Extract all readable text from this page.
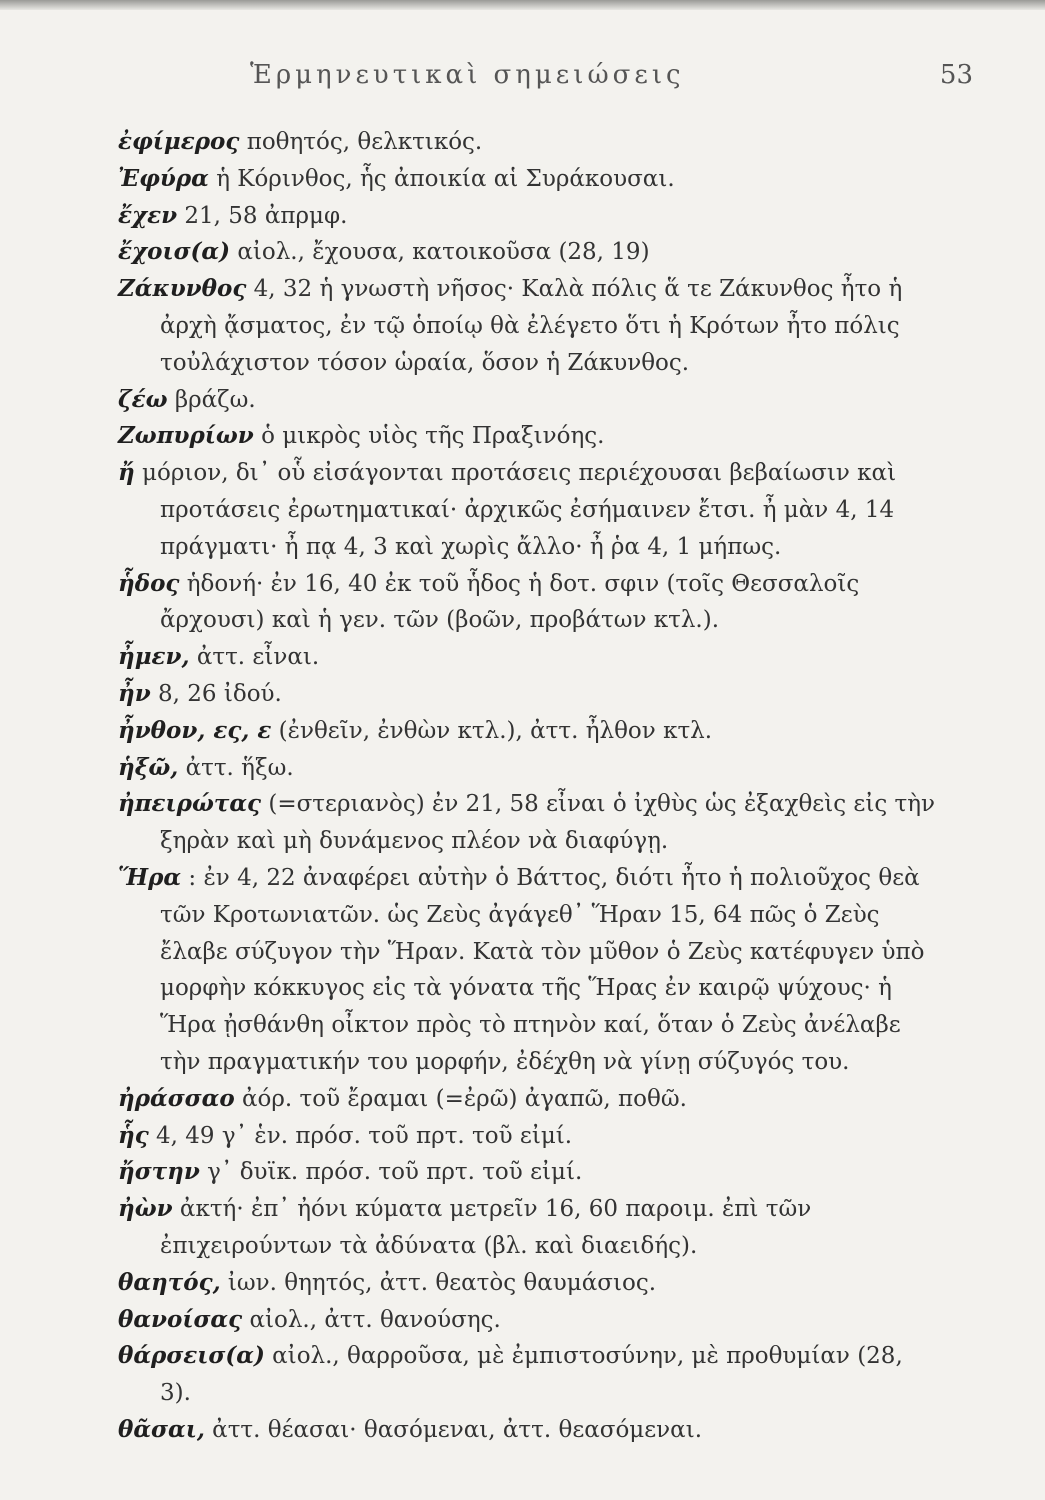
Ἑρμηνευτικαὶ σημειώσεις	53

ἐφίμερος ποθητός, θελκτικός.

Ἐφύρα ἡ Κόρινθος, ἧς ἀποικία αἱ Συράκουσαι.

ἔχεν 21, 58 ἀπρμφ.

ἔχοισ(α) αἰολ., ἔχουσα, κατοικοῦσα (28, 19)

Ζάκυνθος 4, 32 ἡ γνωστὴ νῆσος· Καλὰ πόλις ἅ τε Ζάκυνθος ἦτο ἡ ἀρχὴ ᾄσματος, ἐν τῷ ὁποίῳ θὰ ἐλέγετο ὅτι ἡ Κρότων ἦτο πόλις τοὐλάχιστον τόσον ὡραία, ὅσον ἡ Ζάκυνθος.

ζέω βράζω.

Ζωπυρίων ὁ μικρὸς υἱὸς τῆς Πραξινόης.

ἤ μόριον, δι᾽ οὗ εἰσάγονται προτάσεις περιέχουσαι βεβαίωσιν καὶ προτάσεις ἐρωτηματικαί· ἀρχικῶς ἐσήμαινεν ἔτσι. ἦ μὰν 4, 14 πράγματι· ἦ πᾳ 4, 3 καὶ χωρὶς ἄλλο· ἦ ῥα 4, 1 μήπως.

ἧδος ἡδονή· ἐν 16, 40 ἐκ τοῦ ἧδος ἡ δοτ. σφιν (τοῖς Θεσσαλοῖς ἄρχουσι) καὶ ἡ γεν. τῶν (βοῶν, προβάτων κτλ.).

ἦμεν, ἀττ. εἶναι.

ἦν 8, 26 ἰδού.

ἦνθον, ες, ε (ἐνθεῖν, ἐνθὼν κτλ.), ἀττ. ἦλθον κτλ.

ἡξῶ, ἀττ. ἥξω.

ἠπειρώτας (=στεριανὸς) ἐν 21, 58 εἶναι ὁ ἰχθὺς ὡς ἐξαχθεὶς εἰς τὴν ξηρὰν καὶ μὴ δυνάμενος πλέον νὰ διαφύγῃ.

Ἥρα : ἐν 4, 22 ἀναφέρει αὐτὴν ὁ Βάττος, διότι ἦτο ἡ πολιοῦχος θεὰ τῶν Κροτωνιατῶν. ὡς Ζεὺς ἀγάγεθ᾽ Ἥραν 15, 64 πῶς ὁ Ζεὺς ἔλαβε σύζυγον τὴν Ἥραν. Κατὰ τὸν μῦθον ὁ Ζεὺς κατέφυγεν ὑπὸ μορφὴν κόκκυγος εἰς τὰ γόνατα τῆς Ἥρας ἐν καιρῷ ψύχους· ἡ Ἥρα ᾐσθάνθη οἶκτον πρὸς τὸ πτηνὸν καί, ὅταν ὁ Ζεὺς ἀνέλαβε τὴν πραγματικήν του μορφήν, ἐδέχθη νὰ γίνῃ σύζυγός του.

ἠράσσαο ἀόρ. τοῦ ἔραμαι (=ἐρῶ) ἀγαπῶ, ποθῶ.

ἧς 4, 49 γ᾽ ἑν. πρόσ. τοῦ πρτ. τοῦ εἰμί.

ἤστην γ᾽ δυϊκ. πρόσ. τοῦ πρτ. τοῦ εἰμί.

ἠὼν ἀκτή· ἐπ᾽ ἠόνι κύματα μετρεῖν 16, 60 παροιμ. ἐπὶ τῶν ἐπιχειρούντων τὰ ἀδύνατα (βλ. καὶ διαειδής).

θαητός, ἰων. θηητός, ἀττ. θεατὸς θαυμάσιος.

θανοίσας αἰολ., ἀττ. θανούσης.

θάρσεισ(α) αἰολ., θαρροῦσα, μὲ ἐμπιστοσύνην, μὲ προθυμίαν (28, 3).

θᾶσαι, ἀττ. θέασαι· θασόμεναι, ἀττ. θεασόμεναι.
